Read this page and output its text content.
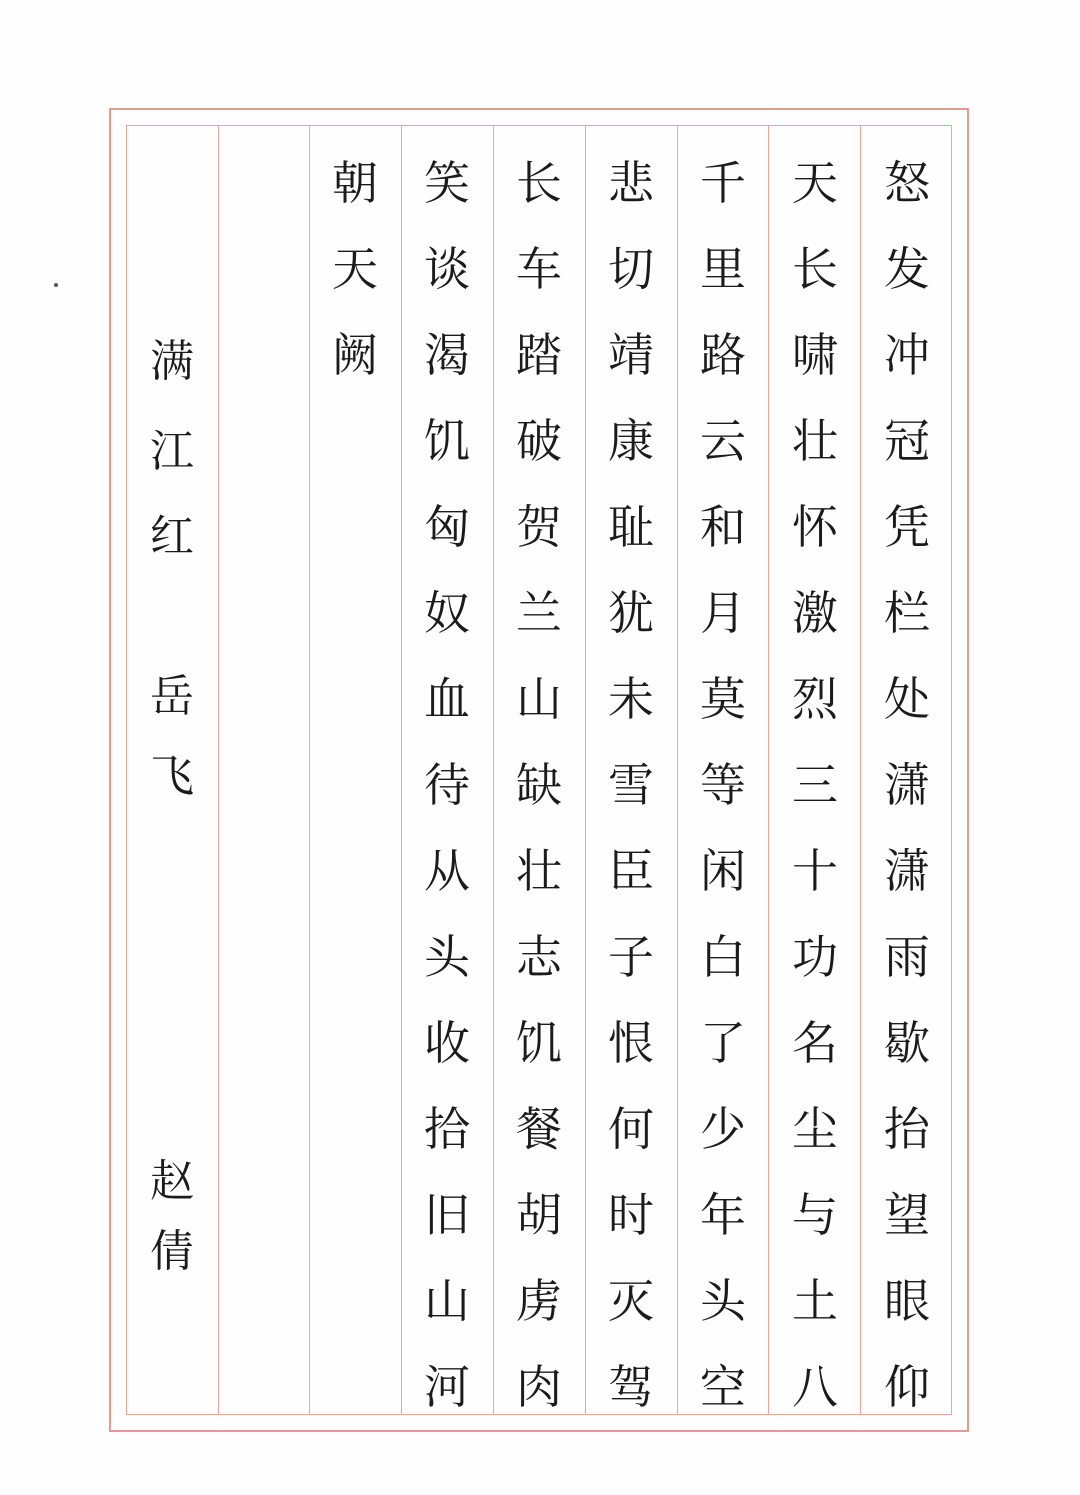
满
江
红
岳
飞
赵
倩
怒
发
冲
冠
凭
栏
处
潇
潇
雨
歇
抬
望
眼
仰
天
长
啸
壮
怀
激
烈
三
十
功
名
尘
与
土
八
千
里
路
云
和
月
莫
等
闲
白
了
少
年
头
空
悲
切
靖
康
耻
犹
未
雪
臣
子
恨
何
时
灭
驾
长
车
踏
破
贺
兰
山
缺
壮
志
饥
餐
胡
虏
肉
笑
谈
渴
饥
匈
奴
血
待
从
头
收
拾
旧
山
河
朝
天
阙
